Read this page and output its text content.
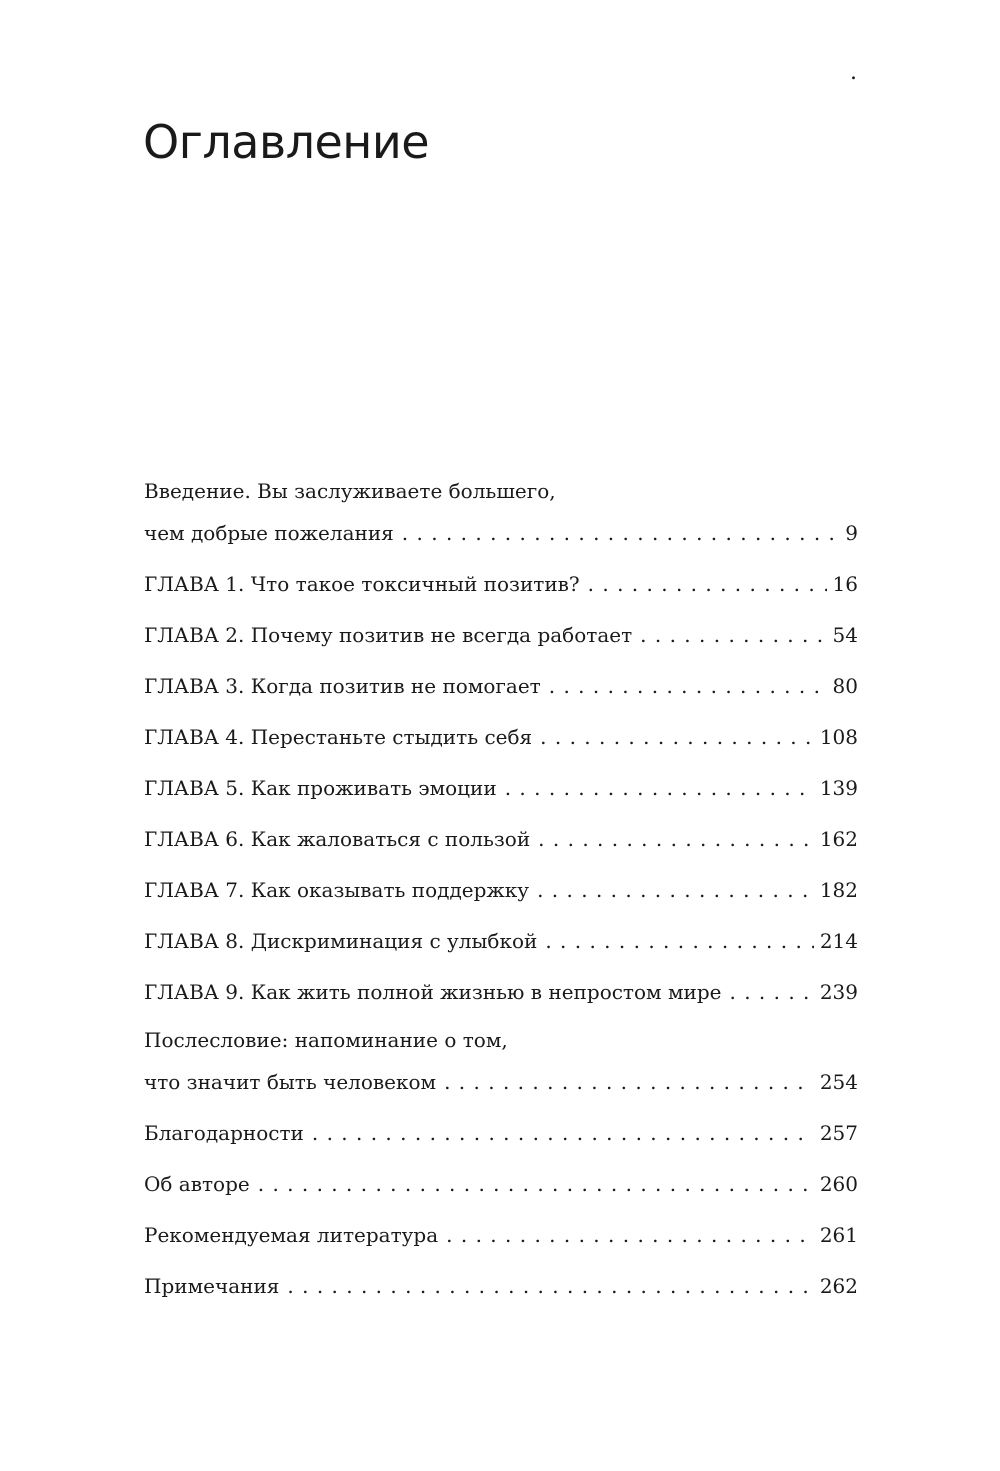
.
Оглавление
Введение. Вы заслуживаете большего,
чем добрые пожелания . . .	9
ГЛАВА 1. Что такое токсичный позитив? . . .	16
ГЛАВА 2. Почему позитив не всегда работает . . .	54
ГЛАВА 3. Когда позитив не помогает . . .	80
ГЛАВА 4. Перестаньте стыдить себя . . .	108
ГЛАВА 5. Как проживать эмоции . . .	139
ГЛАВА 6. Как жаловаться с пользой . . .	162
ГЛАВА 7. Как оказывать поддержку . . .	182
ГЛАВА 8. Дискриминация с улыбкой . . .	214
ГЛАВА 9. Как жить полной жизнью в непростом мире . . .	239
Послесловие: напоминание о том,
что значит быть человеком . . .	254
Благодарности . . .	257
Об авторе . . .	260
Рекомендуемая литература . . .	261
Примечания . . .	262
